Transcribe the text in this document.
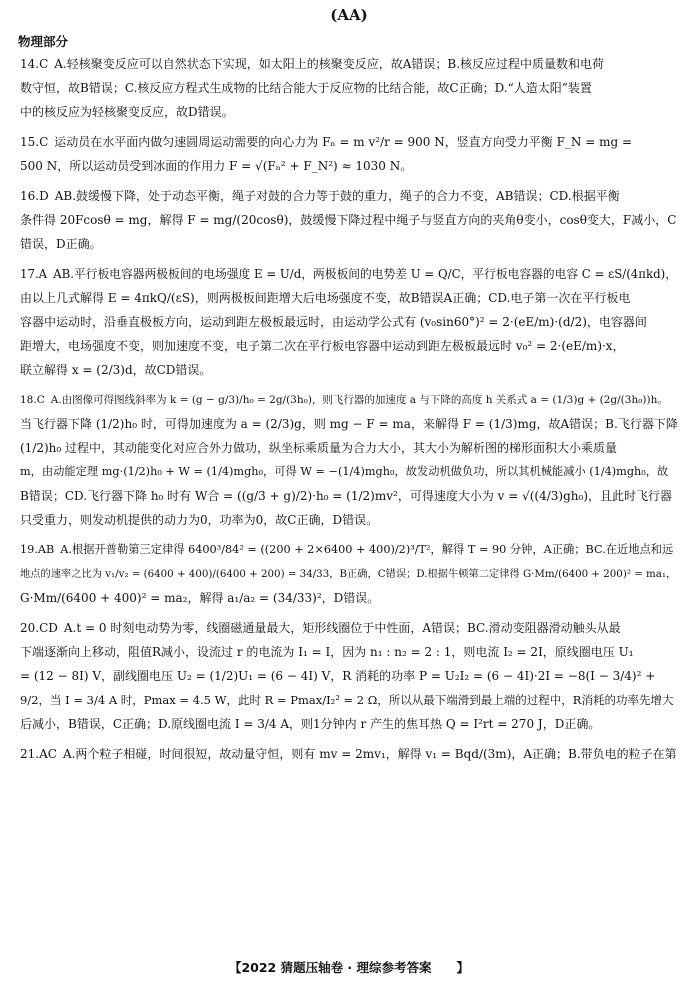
(AA)
物理部分
14.C A.轻核聚变反应可以自然状态下实现，如太阳上的核聚变反应，故A错误；B.核反应过程中质量数和电荷
数守恒，故B错误；C.核反应方程式生成物的比结合能大于反应物的比结合能，故C正确；D.“人造太阳”装置
中的核反应为轻核聚变反应，故D错误。
15.C 运动员在水平面内做匀速圆周运动需要的向心力为 Fₙ = m v²/r = 900 N，竖直方向受力平衡 F_N = mg =
500 N，所以运动员受到冰面的作用力 F = √(Fₙ² + F_N²) ≈ 1030 N。
16.D AB.鼓缓慢下降，处于动态平衡，绳子对鼓的合力等于鼓的重力，绳子的合力不变，AB错误；CD.根据平衡
条件得 20Fcosθ = mg，解得 F = mg/(20cosθ)，鼓缓慢下降过程中绳子与竖直方向的夹角θ变小，cosθ变大，F减小，C
错误，D正确。
17.A AB.平行板电容器两极板间的电场强度 E = U/d，两极板间的电势差 U = Q/C，平行板电容器的电容 C = εS/(4πkd)，
由以上几式解得 E = 4πkQ/(εS)，则两极板间距增大后电场强度不变，故B错误A正确；CD.电子第一次在平行板电
容器中运动时，沿垂直极板方向，运动到距左极板最远时，由运动学公式有 (v₀sin60°)² = 2·(eE/m)·(d/2)，电容器间
距增大，电场强度不变，则加速度不变，电子第二次在平行板电容器中运动到距左极板最远时 v₀² = 2·(eE/m)·x，
联立解得 x = (2/3)d，故CD错误。
18.C A.由图像可得图线斜率为 k = (g − g/3)/h₀ = 2g/(3h₀)，则飞行器的加速度 a 与下降的高度 h 关系式 a = (1/3)g + (2g/(3h₀))h。
当飞行器下降 (1/2)h₀ 时，可得加速度为 a = (2/3)g，则 mg − F = ma，来解得 F = (1/3)mg，故A错误；B.飞行器下降
(1/2)h₀ 过程中，其动能变化对应合外力做功，纵坐标乘质量为合力大小，其大小为解析图的梯形面积大小乘质量
m，由动能定理 mg·(1/2)h₀ + W = (1/4)mgh₀，可得 W = −(1/4)mgh₀，故发动机做负功，所以其机械能减小 (1/4)mgh₀，故
B错误；CD.飞行器下降 h₀ 时有 W合 = ((g/3 + g)/2)·h₀ = (1/2)mv²，可得速度大小为 v = √((4/3)gh₀)，且此时飞行器
只受重力，则发动机提供的动力为0，功率为0，故C正确，D错误。
19.AB A.根据开普勒第三定律得 6400³/84² = ((200 + 2×6400 + 400)/2)³/T²，解得 T = 90 分钟，A正确；BC.在近地点和远
地点的速率之比为 v₁/v₂ = (6400 + 400)/(6400 + 200) = 34/33，B正确，C错误；D.根据牛顿第二定律得 G·Mm/(6400 + 200)² = ma₁，
G·Mm/(6400 + 400)² = ma₂，解得 a₁/a₂ = (34/33)²，D错误。
20.CD A.t = 0 时刻电动势为零，线圈磁通量最大，矩形线圈位于中性面，A错误；BC.滑动变阻器滑动触头从最
下端逐渐向上移动，阻值R减小，设流过 r 的电流为 I₁ = I，因为 n₁ : n₂ = 2 : 1，则电流 I₂ = 2I，原线圈电压 U₁
= (12 − 8I) V，副线圈电压 U₂ = (1/2)U₁ = (6 − 4I) V，R 消耗的功率 P = U₂I₂ = (6 − 4I)·2I = −8(I − 3/4)² +
9/2，当 I = 3/4 A 时，Pmax = 4.5 W，此时 R = Pmax/I₂² = 2 Ω，所以从最下端滑到最上端的过程中，R消耗的功率先增大
后减小，B错误，C正确；D.原线圈电流 I = 3/4 A，则1分钟内 r 产生的焦耳热 Q = I²rt = 270 J，D正确。
21.AC A.两个粒子相碰，时间很短，故动量守恒，则有 mv = 2mv₁，解得 v₁ = Bqd/(3m)，A正确；B.带负电的粒子在第
【2022 猜题压轴卷 · 理综参考答案　　】
